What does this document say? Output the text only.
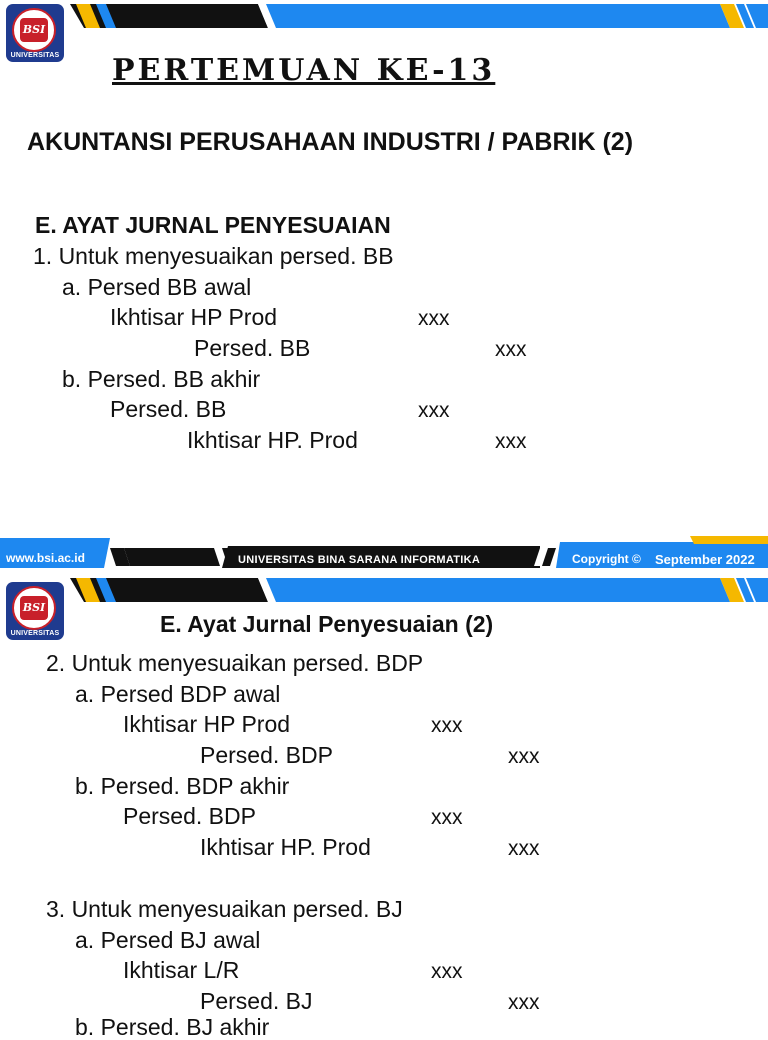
BSI
UNIVERSITAS PERTEMUAN KE-13
AKUNTANSI PERUSAHAAN INDUSTRI / PABRIK (2)
E. AYAT JURNAL PENYESUAIAN
1. Untuk menyesuaikan persed. BB
a. Persed BB awal
Ikhtisar HP Prod	xxx
Persed. BB	xxx
b. Persed. BB akhir
Persed. BB	xxx
Ikhtisar HP. Prod	xxx
www.bsi.ac.id	UNIVERSITAS BINA SARANA INFORMATIKA	Copyright © September 2022
BSI
UNIVERSITAS	E. Ayat Jurnal Penyesuaian (2)
2. Untuk menyesuaikan persed. BDP
a. Persed BDP awal
Ikhtisar HP Prod	xxx
Persed. BDP	xxx
b. Persed. BDP akhir
Persed. BDP	xxx
Ikhtisar HP. Prod	xxx
3. Untuk menyesuaikan persed. BJ
a. Persed BJ awal
Ikhtisar L/R	xxx
Persed. BJ	xxx
b. Persed. BJ akhir
